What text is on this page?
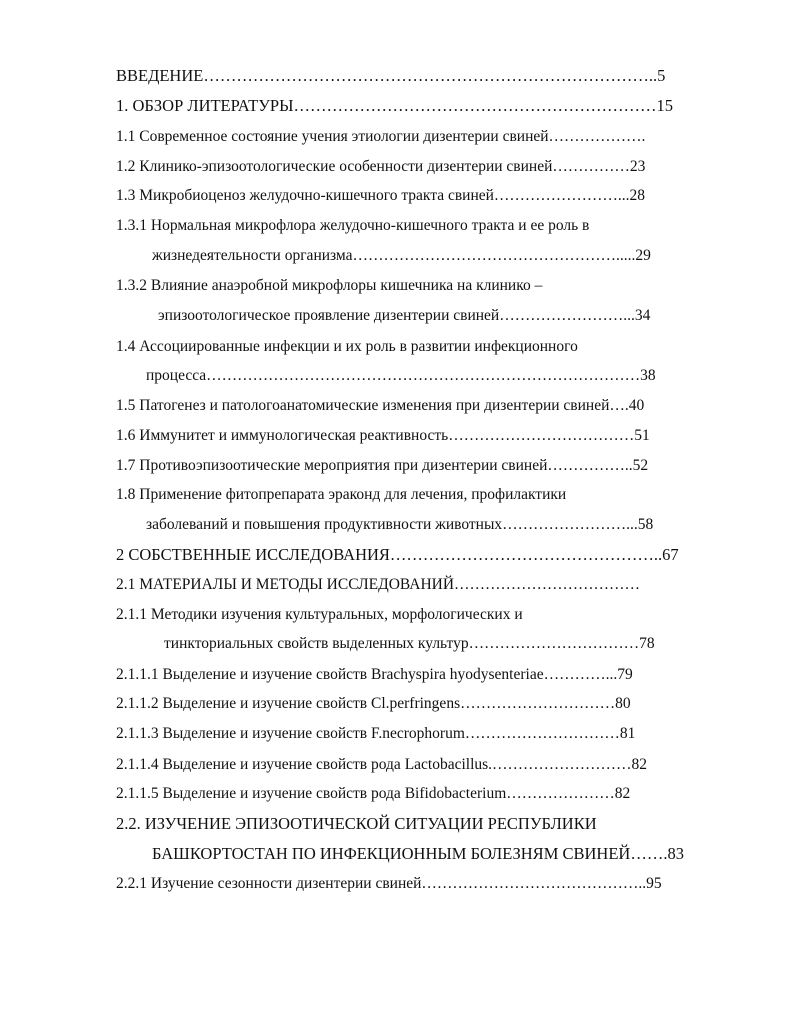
ВВЕДЕНИЕ………………………………………………………………………..5
1. ОБЗОР ЛИТЕРАТУРЫ…………………………………………………………15
1.1 Современное состояние учения этиологии дизентерии свиней……………….
1.2 Клинико-эпизоотологические особенности дизентерии свиней……………23
1.3 Микробиоценоз желудочно-кишечного тракта свиней……………………...28
1.3.1 Нормальная микрофлора желудочно-кишечного тракта и ее роль в
жизнедеятельности организма…………………………………………….....29
1.3.2 Влияние анаэробной микрофлоры кишечника на клинико –
эпизоотологическое проявление дизентерии свиней……………………...34
1.4 Ассоциированные инфекции и их роль в развитии инфекционного
процесса…………………………………………………………………………38
1.5 Патогенез и патологоанатомические изменения при дизентерии свиней….40
1.6 Иммунитет и иммунологическая реактивность………………………………51
1.7 Противоэпизоотические мероприятия при дизентерии свиней……………..52
1.8 Применение фитопрепарата эраконд для лечения, профилактики
заболеваний и повышения продуктивности животных……………………...58
2 СОБСТВЕННЫЕ ИССЛЕДОВАНИЯ…………………………………………..67
2.1 МАТЕРИАЛЫ И МЕТОДЫ ИССЛЕДОВАНИЙ………………………………
2.1.1 Методики изучения культуральных, морфологических и
тинкториальных свойств выделенных культур……………………………78
2.1.1.1 Выделение и изучение свойств Brachyspira hyodysenteriae…………...79
2.1.1.2 Выделение и изучение свойств Cl.perfringens…………………………80
2.1.1.3 Выделение и изучение свойств F.necrophorum…………………………81
2.1.1.4 Выделение и изучение свойств рода Lactobacillus.………………………82
2.1.1.5 Выделение и изучение свойств рода Bifidobacterium…………………82
2.2. ИЗУЧЕНИЕ ЭПИЗООТИЧЕСКОЙ СИТУАЦИИ РЕСПУБЛИКИ
БАШКОРТОСТАН ПО ИНФЕКЦИОННЫМ БОЛЕЗНЯМ СВИНЕЙ…….83
2.2.1 Изучение сезонности дизентерии свиней……………………………………..95
